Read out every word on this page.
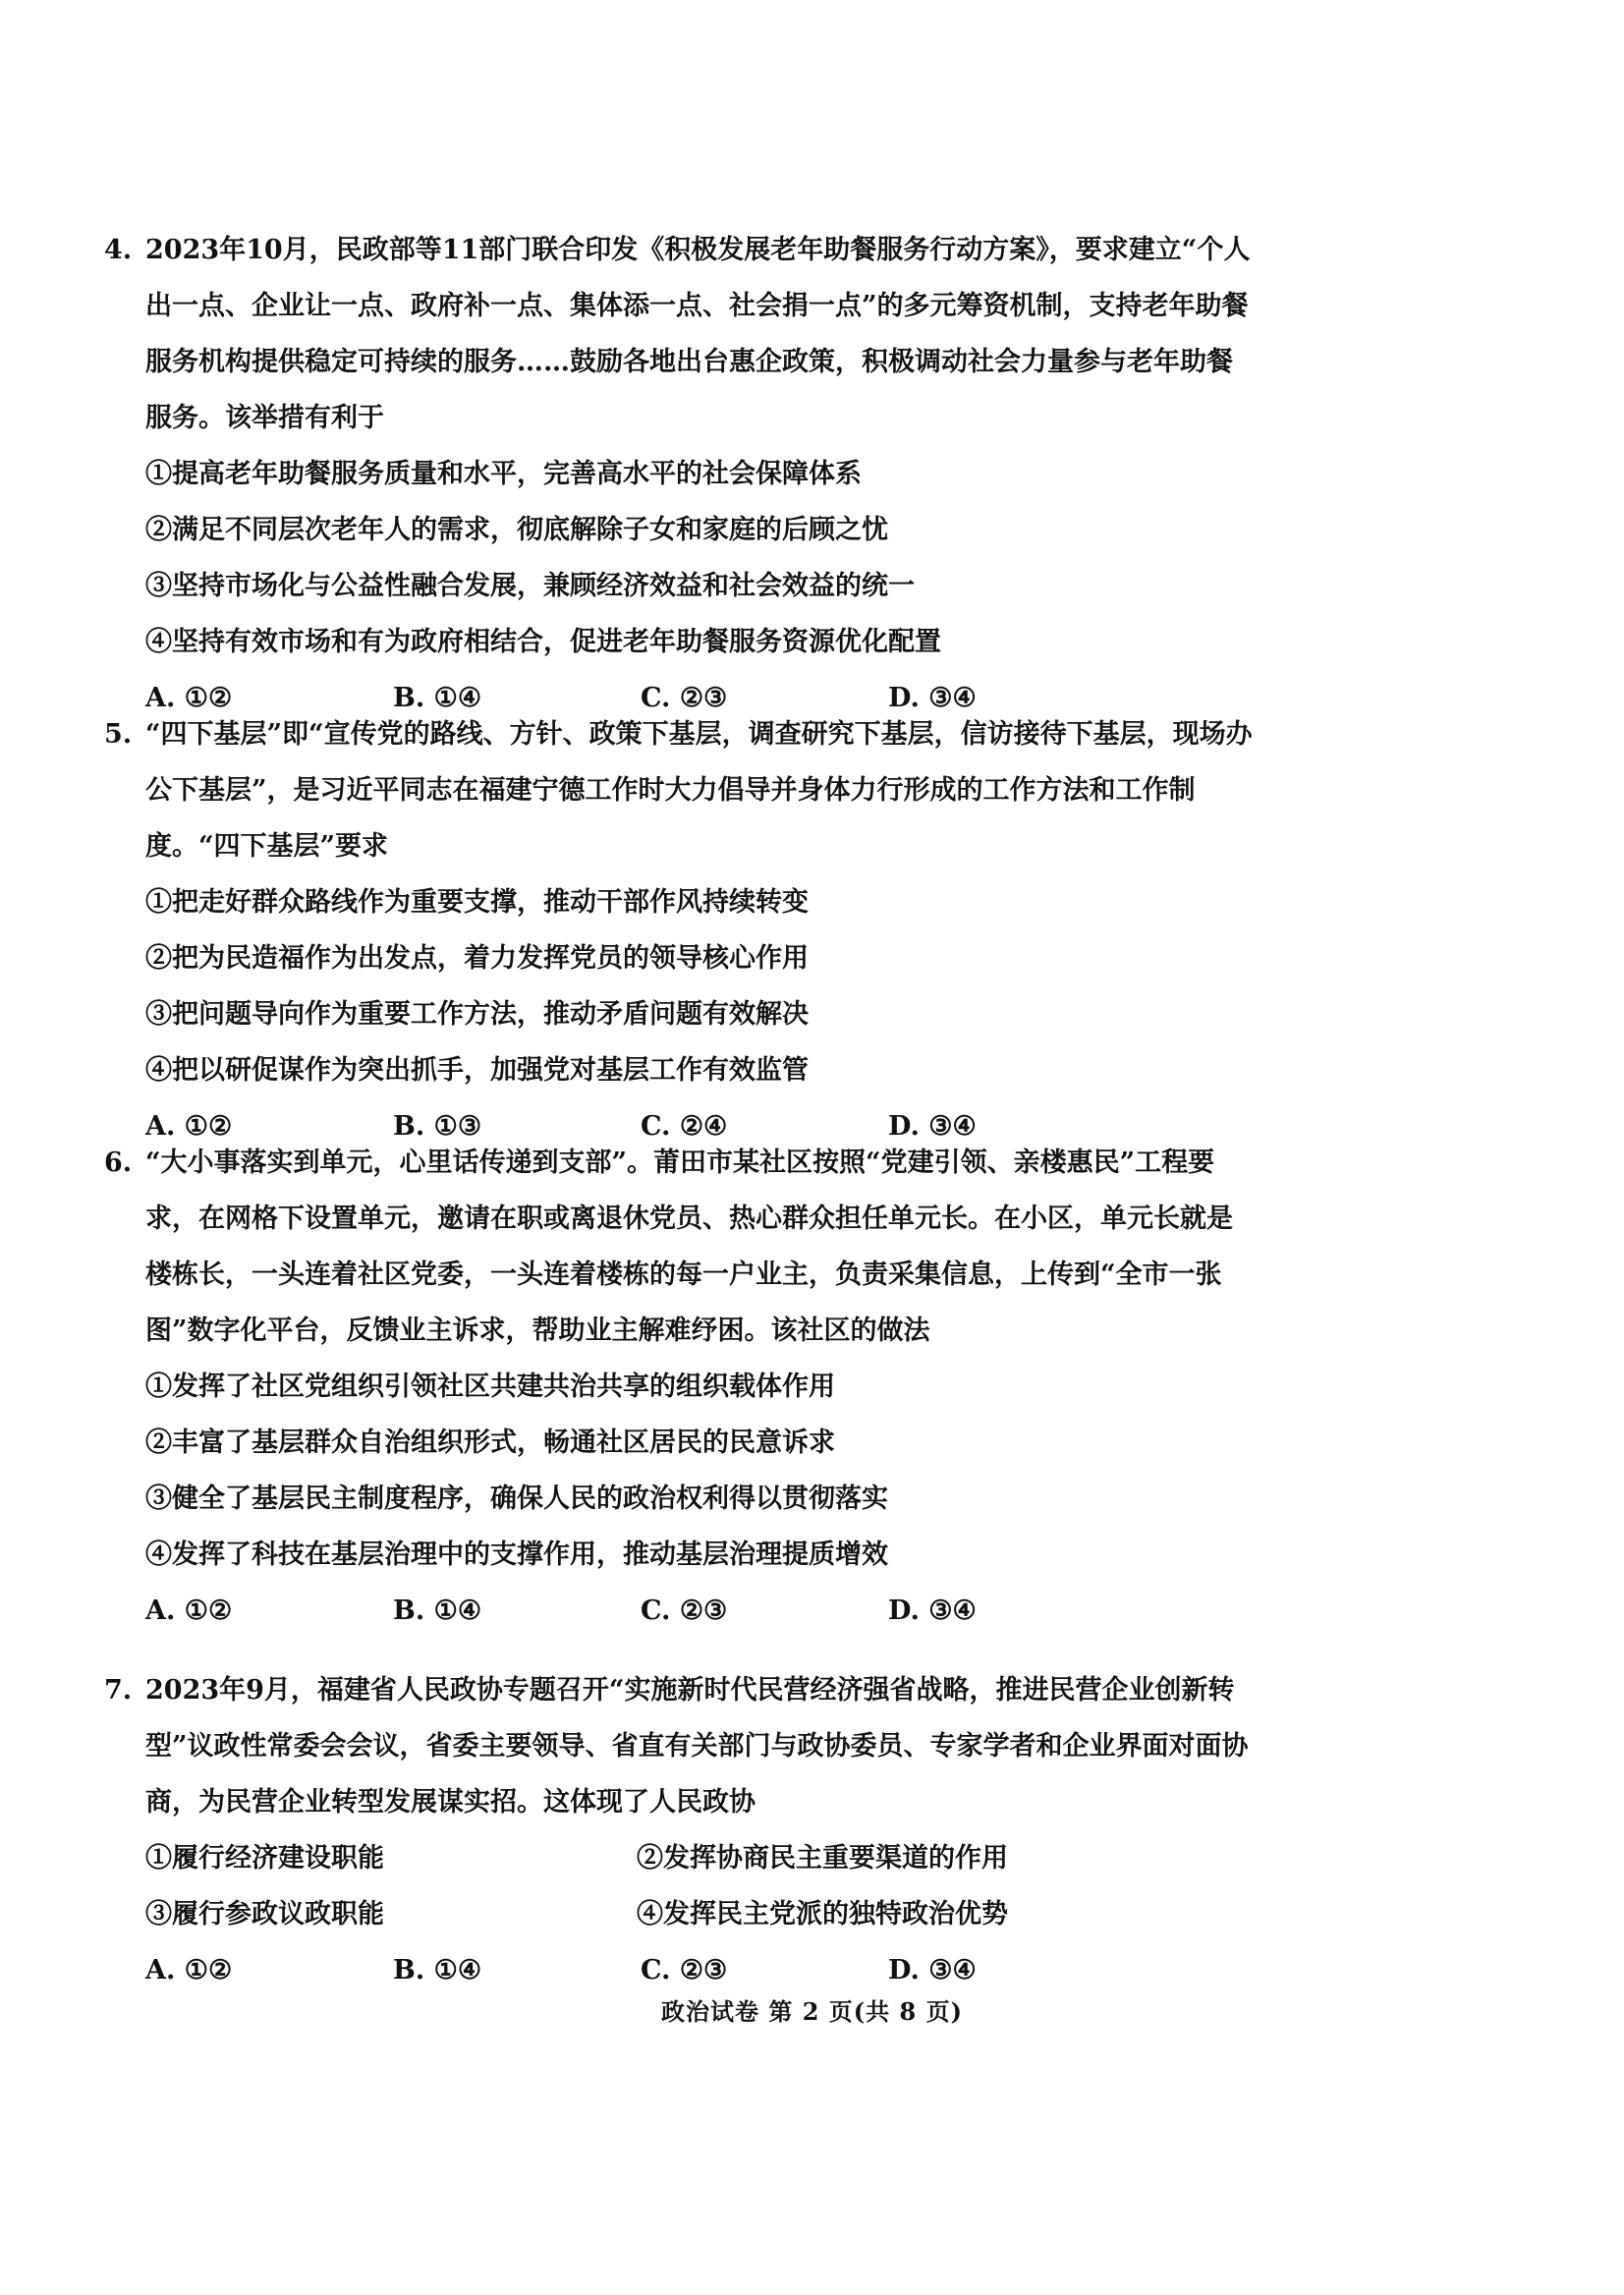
4. 2023年10月，民政部等11部门联合印发《积极发展老年助餐服务行动方案》，要求建立“个人出一点、企业让一点、政府补一点、集体添一点、社会捐一点”的多元筹资机制，支持老年助餐服务机构提供稳定可持续的服务……鼓励各地出台惠企政策，积极调动社会力量参与老年助餐服务。该举措有利于

①提高老年助餐服务质量和水平，完善高水平的社会保障体系
②满足不同层次老年人的需求，彻底解除子女和家庭的后顾之忧
③坚持市场化与公益性融合发展，兼顾经济效益和社会效益的统一
④坚持有效市场和有为政府相结合，促进老年助餐服务资源优化配置
A. ①②	B. ①④	C. ②③	D. ③④
5. “四下基层”即“宣传党的路线、方针、政策下基层，调查研究下基层，信访接待下基层，现场办公下基层”，是习近平同志在福建宁德工作时大力倡导并身体力行形成的工作方法和工作制度。“四下基层”要求

①把走好群众路线作为重要支撑，推动干部作风持续转变
②把为民造福作为出发点，着力发挥党员的领导核心作用
③把问题导向作为重要工作方法，推动矛盾问题有效解决
④把以研促谋作为突出抓手，加强党对基层工作有效监管
A. ①②	B. ①③	C. ②④	D. ③④
6. “大小事落实到单元，心里话传递到支部”。莆田市某社区按照“党建引领、亲楼惠民”工程要求，在网格下设置单元，邀请在职或离退休党员、热心群众担任单元长。在小区，单元长就是楼栋长，一头连着社区党委，一头连着楼栋的每一户业主，负责采集信息，上传到“全市一张图”数字化平台，反馈业主诉求，帮助业主解难纾困。该社区的做法

①发挥了社区党组织引领社区共建共治共享的组织载体作用
②丰富了基层群众自治组织形式，畅通社区居民的民意诉求
③健全了基层民主制度程序，确保人民的政治权利得以贯彻落实
④发挥了科技在基层治理中的支撑作用，推动基层治理提质增效
A. ①②	B. ①④	C. ②③	D. ③④
7. 2023年9月，福建省人民政协专题召开“实施新时代民营经济强省战略，推进民营企业创新转型”议政性常委会会议，省委主要领导、省直有关部门与政协委员、专家学者和企业界面对面协商，为民营企业转型发展谋实招。这体现了人民政协

①履行经济建设职能	②发挥协商民主重要渠道的作用
③履行参政议政职能	④发挥民主党派的独特政治优势
A. ①②	B. ①④	C. ②③	D. ③④
政治试卷 第 2 页(共 8 页)
